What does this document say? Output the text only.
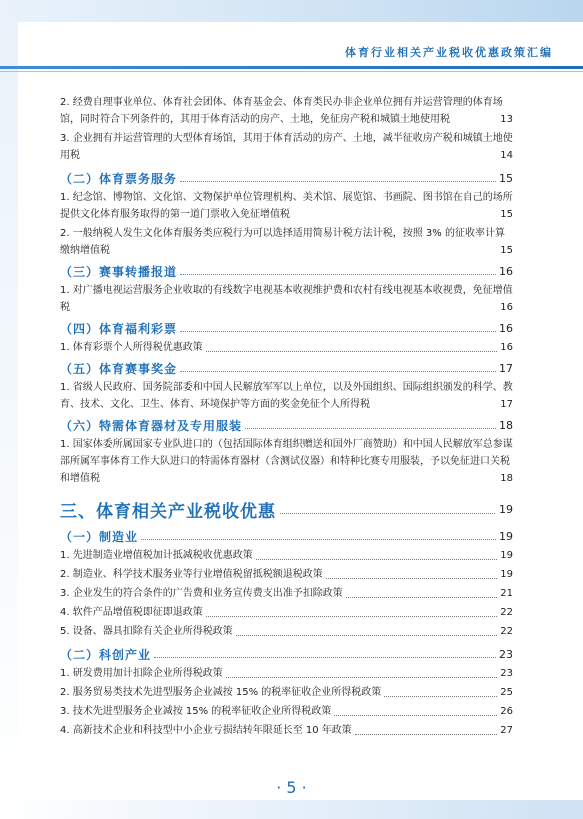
体育行业相关产业税收优惠政策汇编
2. 经费自理事业单位、体育社会团体、体育基金会、体育类民办非企业单位拥有并运营管理的体育场馆，同时符合下列条件的，其用于体育活动的房产、土地，免征房产税和城镇土地使用税	13
3. 企业拥有并运营管理的大型体育场馆，其用于体育活动的房产、土地，减半征收房产税和城镇土地使用税	14
（二）体育票务服务	15
1. 纪念馆、博物馆、文化馆、文物保护单位管理机构、美术馆、展览馆、书画院、图书馆在自己的场所提供文化体育服务取得的第一道门票收入免征增值税	15
2. 一般纳税人发生文化体育服务类应税行为可以选择适用简易计税方法计税，按照 3% 的征收率计算缴纳增值税	15
（三）赛事转播报道	16
1. 对广播电视运营服务企业收取的有线数字电视基本收视维护费和农村有线电视基本收视费，免征增值税	16
（四）体育福利彩票	16
1. 体育彩票个人所得税优惠政策	16
（五）体育赛事奖金	17
1. 省级人民政府、国务院部委和中国人民解放军军以上单位，以及外国组织、国际组织颁发的科学、教育、技术、文化、卫生、体育、环境保护等方面的奖金免征个人所得税	17
（六）特需体育器材及专用服装	18
1. 国家体委所属国家专业队进口的（包括国际体育组织赠送和国外厂商赞助）和中国人民解放军总参谋部所属军事体育工作大队进口的特需体育器材（含测试仪器）和特种比赛专用服装，予以免征进口关税和增值税	18
三、体育相关产业税收优惠	19
（一）制造业	19
1. 先进制造业增值税加计抵减税收优惠政策	19
2. 制造业、科学技术服务业等行业增值税留抵税额退税政策	19
3. 企业发生的符合条件的广告费和业务宣传费支出准予扣除政策	21
4. 软件产品增值税即征即退政策	22
5. 设备、器具扣除有关企业所得税政策	22
（二）科创产业	23
1. 研发费用加计扣除企业所得税政策	23
2. 服务贸易类技术先进型服务企业减按 15% 的税率征收企业所得税政策	25
3. 技术先进型服务企业减按 15% 的税率征收企业所得税政策	26
4. 高新技术企业和科技型中小企业亏损结转年限延长至 10 年政策	27
· 5 ·
